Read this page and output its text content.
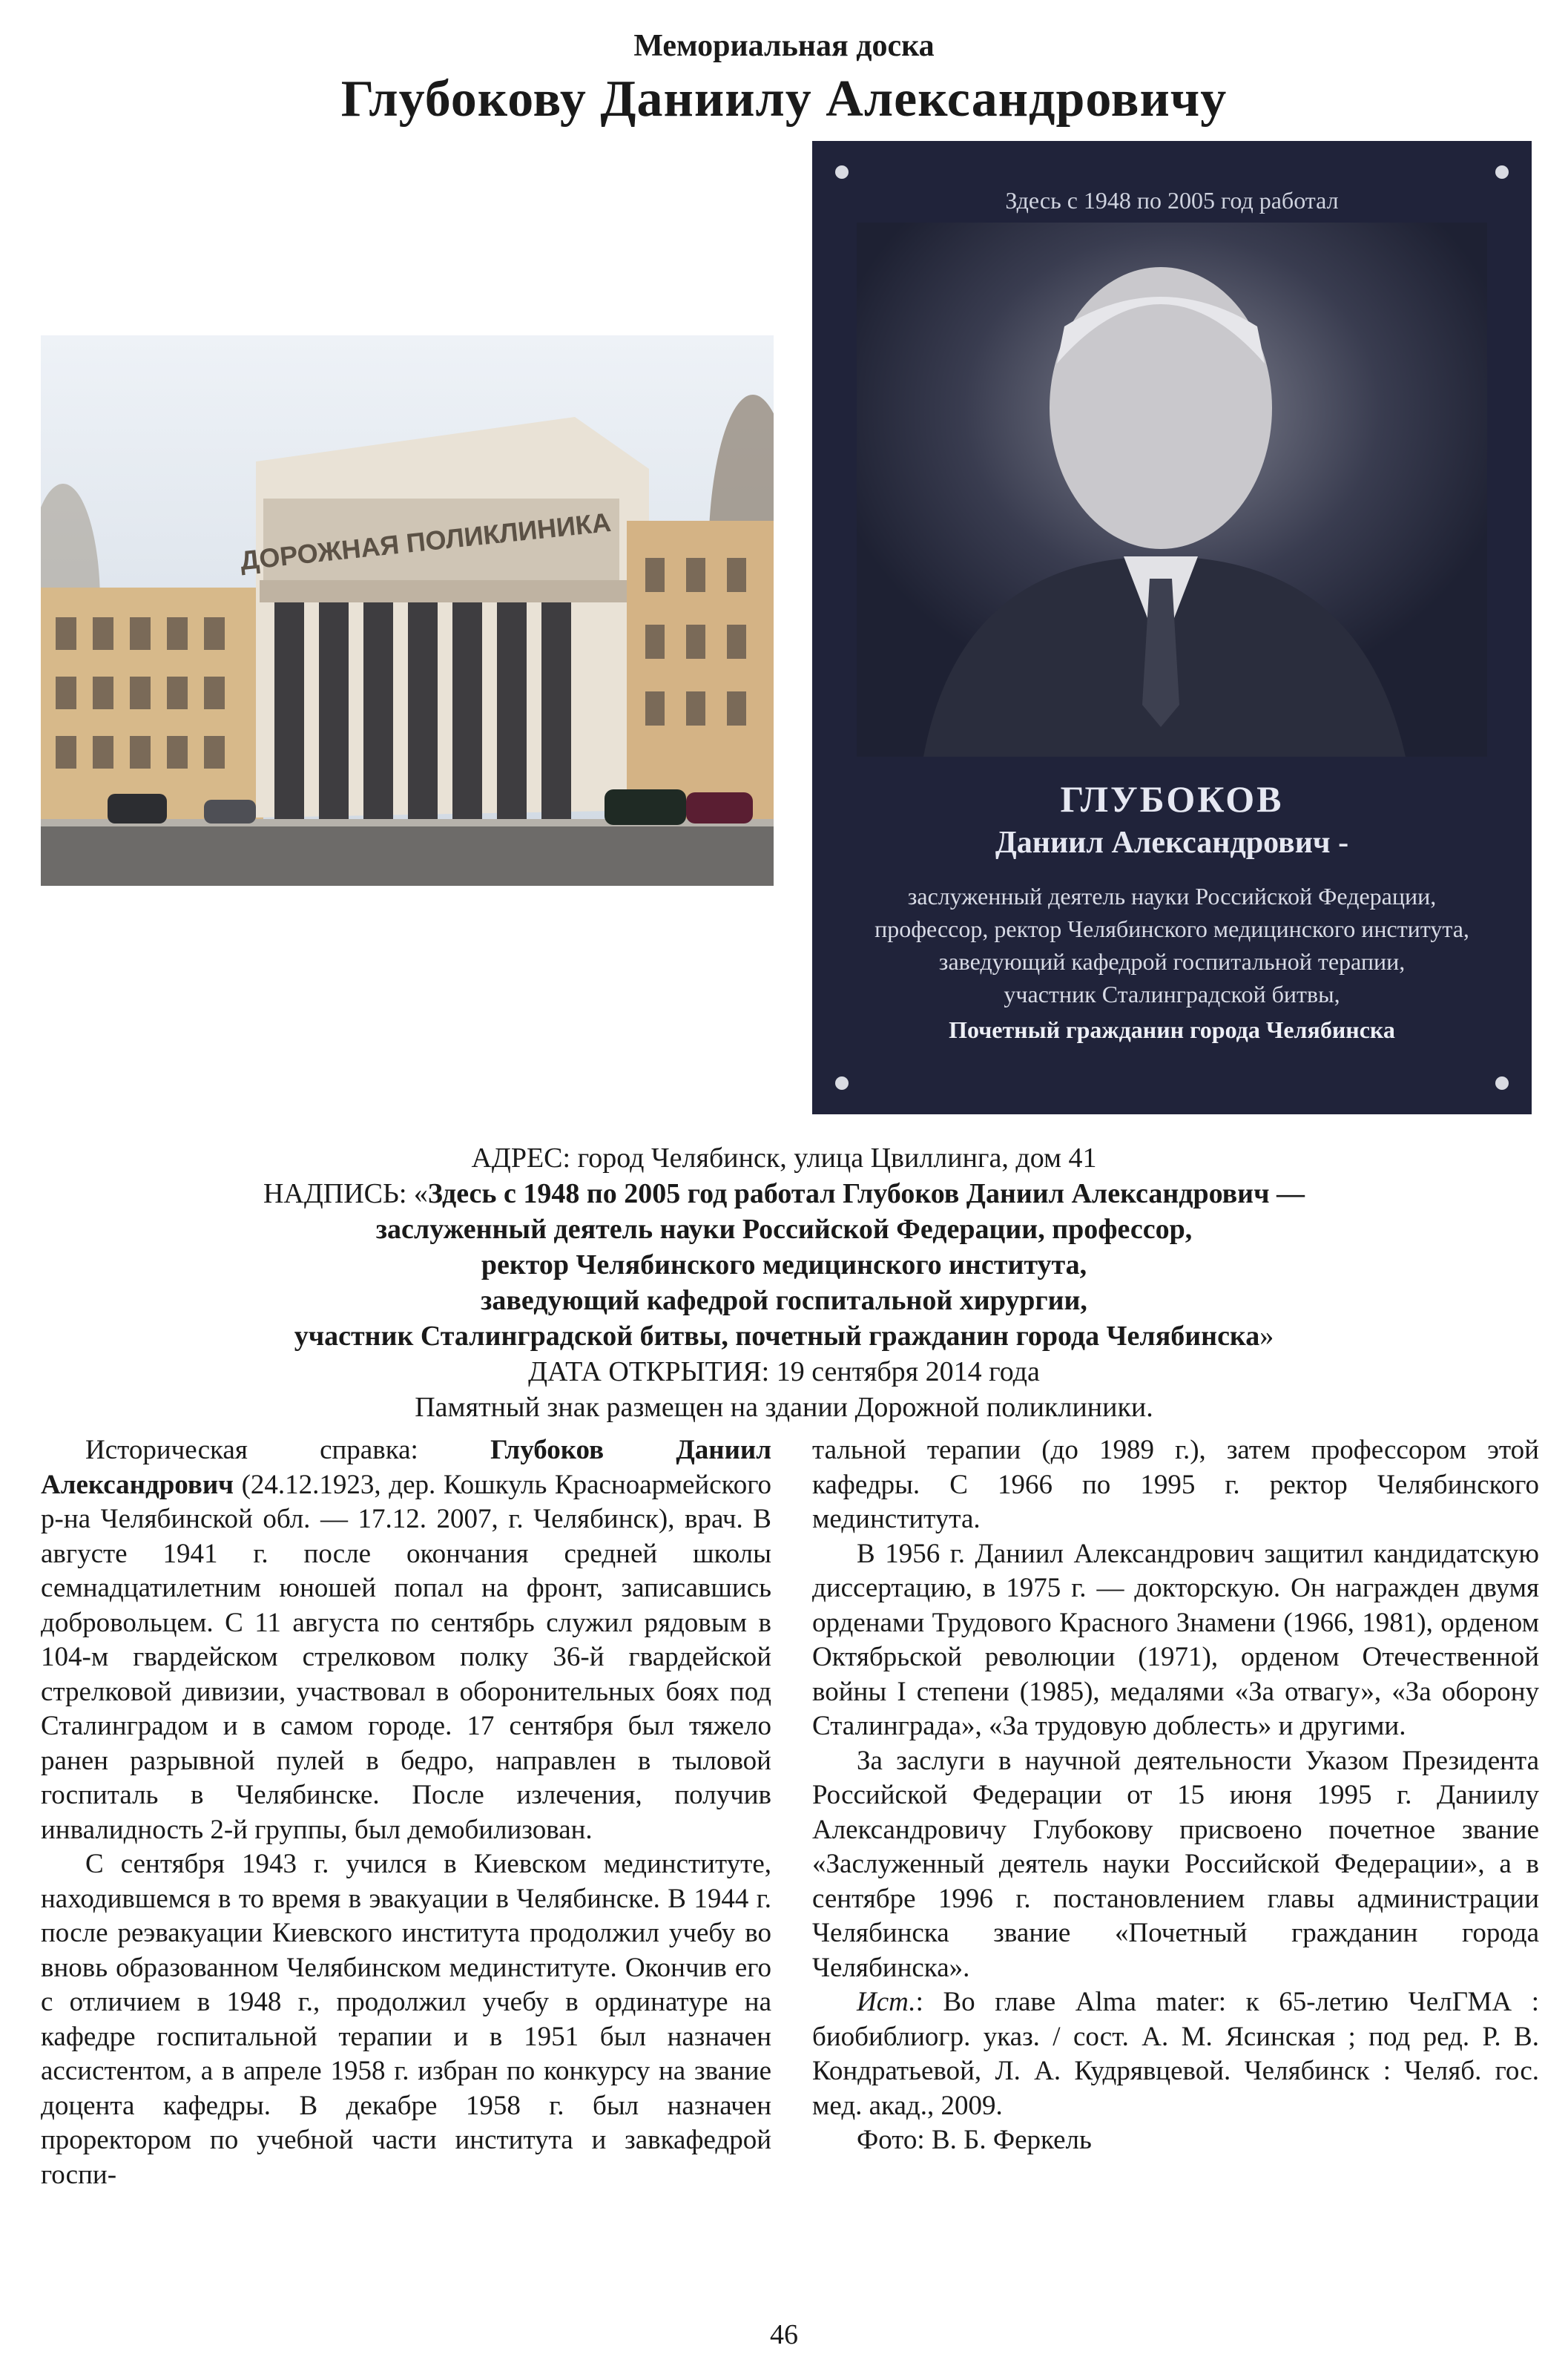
Мемориальная доска
Глубокову Даниилу Александровичу
ДОРОЖНАЯ ПОЛИКЛИНИКА
Здесь с 1948 по 2005 год работал
ГЛУБОКОВ
Даниил Александрович -
заслуженный деятель науки Российской Федерации,
профессор, ректор Челябинского медицинского института,
заведующий кафедрой госпитальной терапии,
участник Сталинградской битвы,
Почетный гражданин города Челябинска
АДРЕС: город Челябинск, улица Цвиллинга, дом 41
НАДПИСЬ: «Здесь с 1948 по 2005 год работал Глубоков Даниил Александрович —
заслуженный деятель науки Российской Федерации, профессор,
ректор Челябинского медицинского института,
заведующий кафедрой госпитальной хирургии,
участник Сталинградской битвы, почетный гражданин города Челябинска»
ДАТА ОТКРЫТИЯ: 19 сентября 2014 года
Памятный знак размещен на здании Дорожной поликлиники.

Историческая справка: Глубоков Даниил Александрович (24.12.1923, дер. Кошкуль Красноармейского р-на Челябинской обл. — 17.12. 2007, г. Челябинск), врач. В августе 1941 г. после окончания средней школы семнадцатилетним юношей попал на фронт, записавшись добровольцем. С 11 августа по сентябрь служил рядовым в 104-м гвардейском стрелковом полку 36-й гвардейской стрелковой дивизии, участвовал в оборонительных боях под Сталинградом и в самом городе. 17 сентября был тяжело ранен разрывной пулей в бедро, направлен в тыловой госпиталь в Челябинске. После излечения, получив инвалидность 2-й группы, был демобилизован.

С сентября 1943 г. учился в Киевском мединституте, находившемся в то время в эвакуации в Челябинске. В 1944 г. после реэвакуации Киевского института продолжил учебу во вновь образованном Челябинском мединституте. Окончив его с отличием в 1948 г., продолжил учебу в ординатуре на кафедре госпитальной терапии и в 1951 был назначен ассистентом, а в апреле 1958 г. избран по конкурсу на звание доцента кафедры. В декабре 1958 г. был назначен проректором по учебной части института и завкафедрой госпи-

тальной терапии (до 1989 г.), затем профессором этой кафедры. С 1966 по 1995 г. ректор Челябинского мединститута.

В 1956 г. Даниил Александрович защитил кандидатскую диссертацию, в 1975 г. — докторскую. Он награжден двумя орденами Трудового Красного Знамени (1966, 1981), орденом Октябрьской революции (1971), орденом Отечественной войны I степени (1985), медалями «За отвагу», «За оборону Сталинграда», «За трудовую доблесть» и другими.

За заслуги в научной деятельности Указом Президента Российской Федерации от 15 июня 1995 г. Даниилу Александровичу Глубокову присвоено почетное звание «Заслуженный деятель науки Российской Федерации», а в сентябре 1996 г. постановлением главы администрации Челябинска звание «Почетный гражданин города Челябинска».

Ист.: Во главе Alma mater: к 65-летию ЧелГМА : биобиблиогр. указ. / сост. А. М. Ясинская ; под ред. Р. В. Кондратьевой, Л. А. Кудрявцевой. Челябинск : Челяб. гос. мед. акад., 2009.

Фото: В. Б. Феркель

46
